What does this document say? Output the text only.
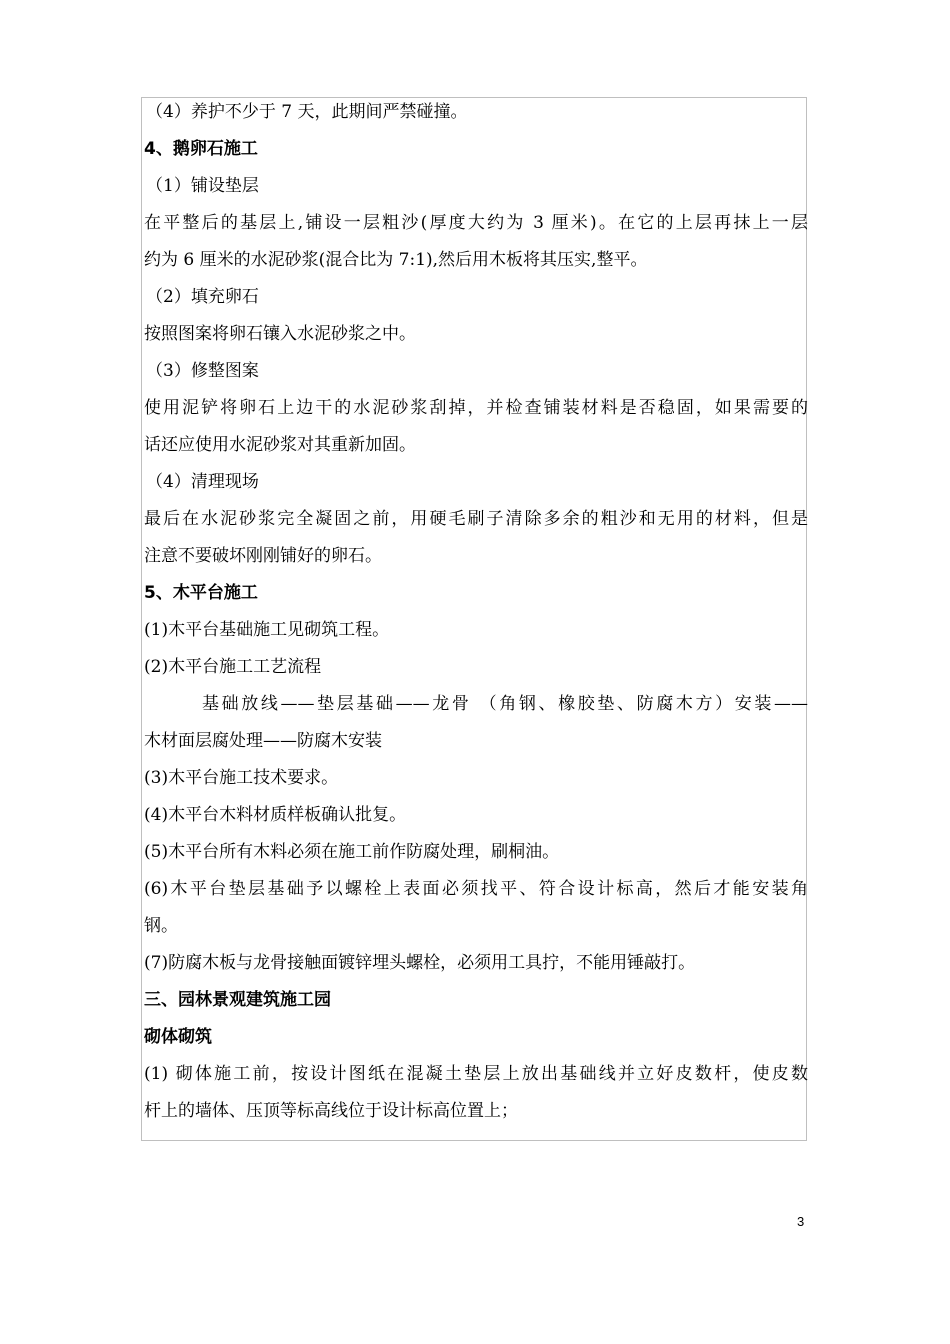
（4）养护不少于 7 天，此期间严禁碰撞。
4、鹅卵石施工
（1）铺设垫层
在平整后的基层上,铺设一层粗沙(厚度大约为 3 厘米)。在它的上层再抹上一层
约为 6 厘米的水泥砂浆(混合比为 7:1),然后用木板将其压实,整平。
（2）填充卵石
按照图案将卵石镶入水泥砂浆之中。
（3）修整图案
使用泥铲将卵石上边干的水泥砂浆刮掉，并检查铺装材料是否稳固，如果需要的
话还应使用水泥砂浆对其重新加固。
（4）清理现场
最后在水泥砂浆完全凝固之前，用硬毛刷子清除多余的粗沙和无用的材料，但是
注意不要破坏刚刚铺好的卵石。
5、木平台施工
(1)木平台基础施工见砌筑工程。
(2)木平台施工工艺流程
基础放线——垫层基础——龙骨 （角钢、橡胶垫、防腐木方）安装——
木材面层腐处理——防腐木安装
(3)木平台施工技术要求。
(4)木平台木料材质样板确认批复。
(5)木平台所有木料必须在施工前作防腐处理，刷桐油。
(6)木平台垫层基础予以螺栓上表面必须找平、符合设计标高，然后才能安装角
钢。
(7)防腐木板与龙骨接触面镀锌埋头螺栓，必须用工具拧，不能用锤敲打。
三、园林景观建筑施工园
砌体砌筑
(1) 砌体施工前，按设计图纸在混凝土垫层上放出基础线并立好皮数杆，使皮数
杆上的墙体、压顶等标高线位于设计标高位置上；
3
